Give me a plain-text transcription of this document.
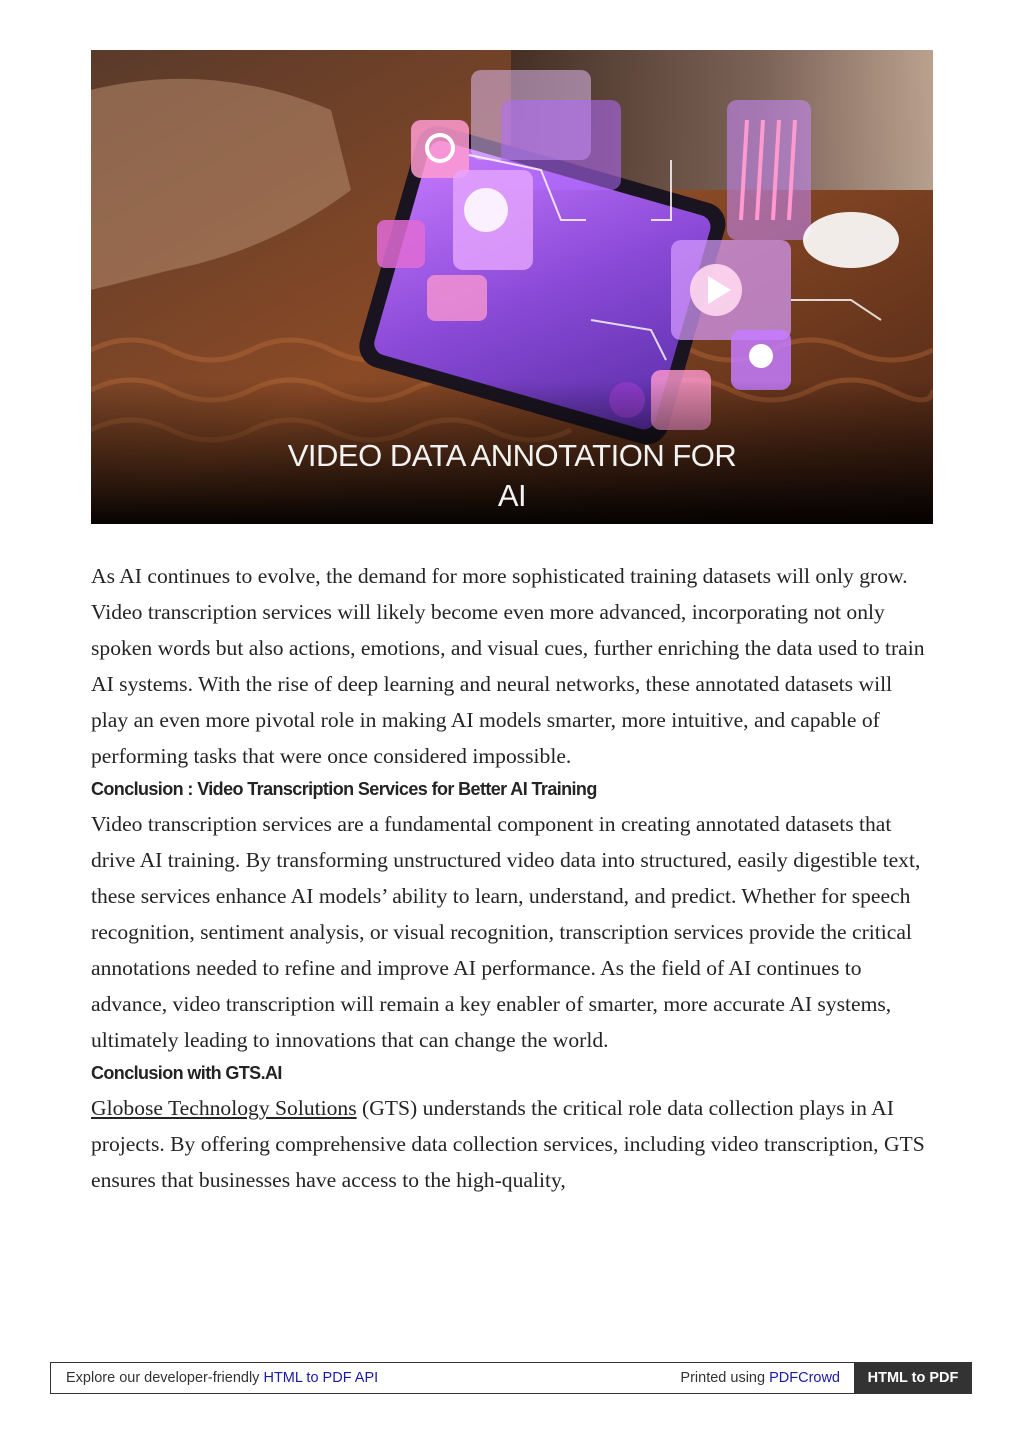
VIDEO DATA ANNOTATION FOR
AI

As AI continues to evolve, the demand for more sophisticated training datasets will only grow. Video transcription services will likely become even more advanced, incorporating not only spoken words but also actions, emotions, and visual cues, further enriching the data used to train AI systems. With the rise of deep learning and neural networks, these annotated datasets will play an even more pivotal role in making AI models smarter, more intuitive, and capable of performing tasks that were once considered impossible.

Conclusion : Video Transcription Services for Better AI Training

Video transcription services are a fundamental component in creating annotated datasets that drive AI training. By transforming unstructured video data into structured, easily digestible text, these services enhance AI models’ ability to learn, understand, and predict. Whether for speech recognition, sentiment analysis, or visual recognition, transcription services provide the critical annotations needed to refine and improve AI performance. As the field of AI continues to advance, video transcription will remain a key enabler of smarter, more accurate AI systems, ultimately leading to innovations that can change the world.

Conclusion with GTS.AI

Globose Technology Solutions (GTS) understands the critical role data collection plays in AI projects. By offering comprehensive data collection services, including video transcription, GTS ensures that businesses have access to the high-quality,

Explore our developer-friendly HTML to PDF API	Printed using PDFCrowd	HTML to PDF
